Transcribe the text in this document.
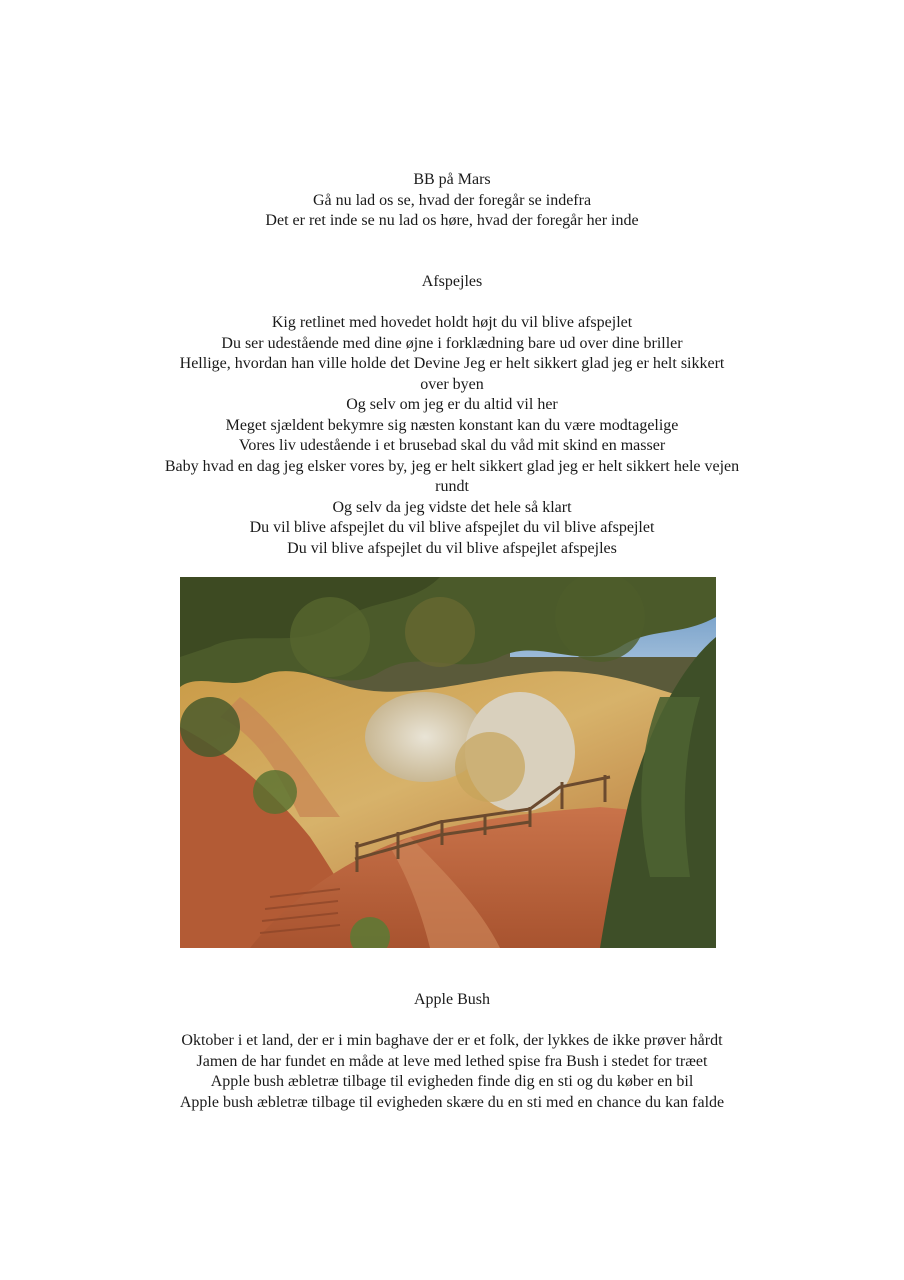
BB på Mars
Gå nu lad os se, hvad der foregår se indefra
Det er ret inde se nu lad os høre, hvad der foregår her inde
Afspejles
Kig retlinet med hovedet holdt højt du vil blive afspejlet
Du ser udestående med dine øjne i forklædning bare ud over dine briller
Hellige, hvordan han ville holde det Devine Jeg er helt sikkert glad jeg er helt sikkert
over byen
Og selv om jeg er du altid vil her
Meget sjældent bekymre sig næsten konstant kan du være modtagelige
Vores liv udestående i et brusebad skal du våd mit skind en masser
Baby hvad en dag jeg elsker vores by, jeg er helt sikkert glad jeg er helt sikkert hele vejen
rundt
Og selv da jeg vidste det hele så klart
Du vil blive afspejlet du vil blive afspejlet du vil blive afspejlet
Du vil blive afspejlet du vil blive afspejlet afspejles
Apple Bush
Oktober i et land, der er i min baghave der er et folk, der lykkes de ikke prøver hårdt
Jamen de har fundet en måde at leve med lethed spise fra Bush i stedet for træet
Apple bush æbletræ tilbage til evigheden finde dig en sti og du køber en bil
Apple bush æbletræ tilbage til evigheden skære du en sti med en chance du kan falde
